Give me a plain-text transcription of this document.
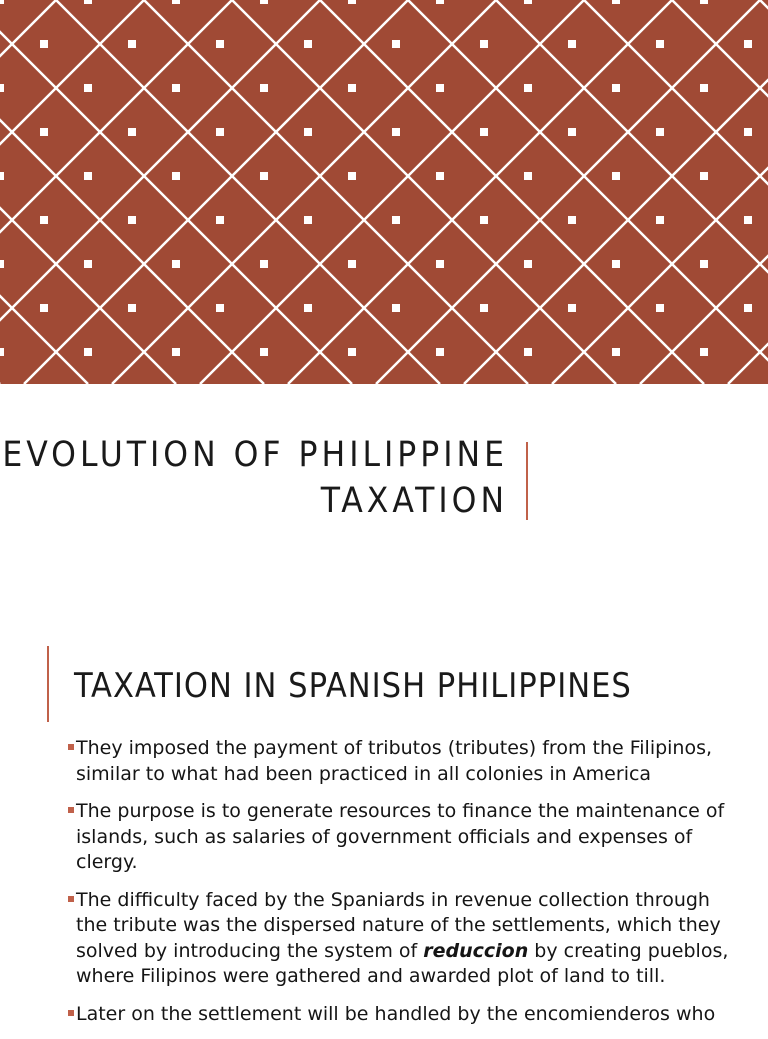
EVOLUTION OF PHILIPPINE
TAXATION
TAXATION IN SPANISH PHILIPPINES
They imposed the payment of tributos (tributes) from the Filipinos, similar to what had been practiced in all colonies in America
The purpose is to generate resources to finance the maintenance of islands, such as salaries of government officials and expenses of clergy.
The difficulty faced by the Spaniards in revenue collection through the tribute was the dispersed nature of the settlements, which they solved by introducing the system of reduccion by creating pueblos, where Filipinos were gathered and awarded plot of land to till.
Later on the settlement will be handled by the encomienderos who
